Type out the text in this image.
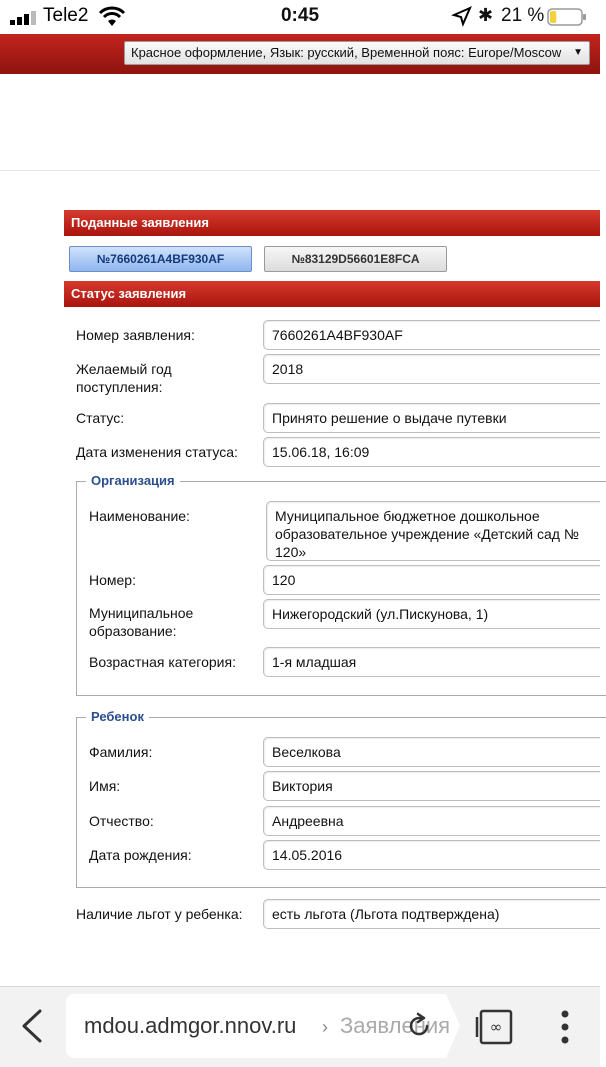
Tele2	0:45	✱ 21 %
Красное оформление, Язык: русский, Временной пояс: Europe/Moscow ▼
Поданные заявления
№7660261A4BF930AF	№83129D56601E8FCA
Статус заявления
Номер заявления:	7660261A4BF930AF
Желаемый год поступления:
2018
Статус:	Принято решение о выдаче путевки
Дата изменения статуса:	15.06.18, 16:09
Организация
Наименование:	Муниципальное бюджетное дошкольное образовательное учреждение «Детский сад № 120»
Номер:	120
Муниципальное образование:
Нижегородский (ул.Пискунова, 1)
Возрастная категория:	1-я младшая
Ребенок
Фамилия:	Веселкова
Имя:	Виктория
Отчество:	Андреевна
Дата рождения:	14.05.2016
Наличие льгот у ребенка:	есть льгота (Льгота подтверждена)
mdou.admgor.nnov.ru › Заявления	∞
